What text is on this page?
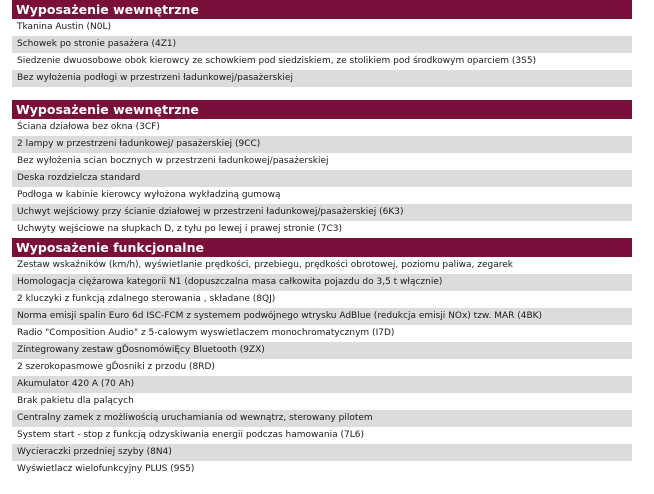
Wyposażenie wewnętrzne
Tkanina Austin (N0L)
Schowek po stronie pasażera (4Z1)
Siedzenie dwuosobowe obok kierowcy ze schowkiem pod siedziskiem, ze stolikiem pod środkowym oparciem (3S5)
Bez wyłożenia podłogi w przestrzeni ładunkowej/pasażerskiej
Wyposażenie wewnętrzne
Ściana działowa bez okna (3CF)
2 lampy w przestrzeni ładunkowej/ pasażerskiej (9CC)
Bez wyłożenia scian bocznych w przestrzeni ładunkowej/pasażerskiej
Deska rozdzielcza standard
Podłoga w kabinie kierowcy wyłożona wykładziną gumową
Uchwyt wejściowy przy ścianie działowej w przestrzeni ładunkowej/pasażerskiej (6K3)
Uchwyty wejściowe na słupkach D, z tyłu po lewej i prawej stronie (7C3)
Wyposażenie funkcjonalne
Zestaw wskaźników (km/h), wyświetlanie prędkości, przebiegu, prędkości obrotowej, poziomu paliwa, zegarek
Homologacja ciężarowa kategorii N1 (dopuszczalna masa całkowita pojazdu do 3,5 t włącznie)
2 kluczyki z funkcją zdalnego sterowania , składane (8QJ)
Norma emisji spalin Euro 6d ISC-FCM z systemem podwójnego wtrysku AdBlue (redukcja emisji NOx) tzw. MAR (4BK)
Radio "Composition Audio" z 5-calowym wyswietlaczem monochromatycznym (I7D)
Zintegrowany zestaw gĎosnomówiĘcy Bluetooth (9ZX)
2 szerokopasmowe gĎosniki z przodu (8RD)
Akumulator 420 A (70 Ah)
Brak pakietu dla palących
Centralny zamek z możliwością uruchamiania od wewnątrz, sterowany pilotem
System start - stop z funkcją odzyskiwania energii podczas hamowania (7L6)
Wycieraczki przedniej szyby (8N4)
Wyświetlacz wielofunkcyjny PLUS (9S5)
